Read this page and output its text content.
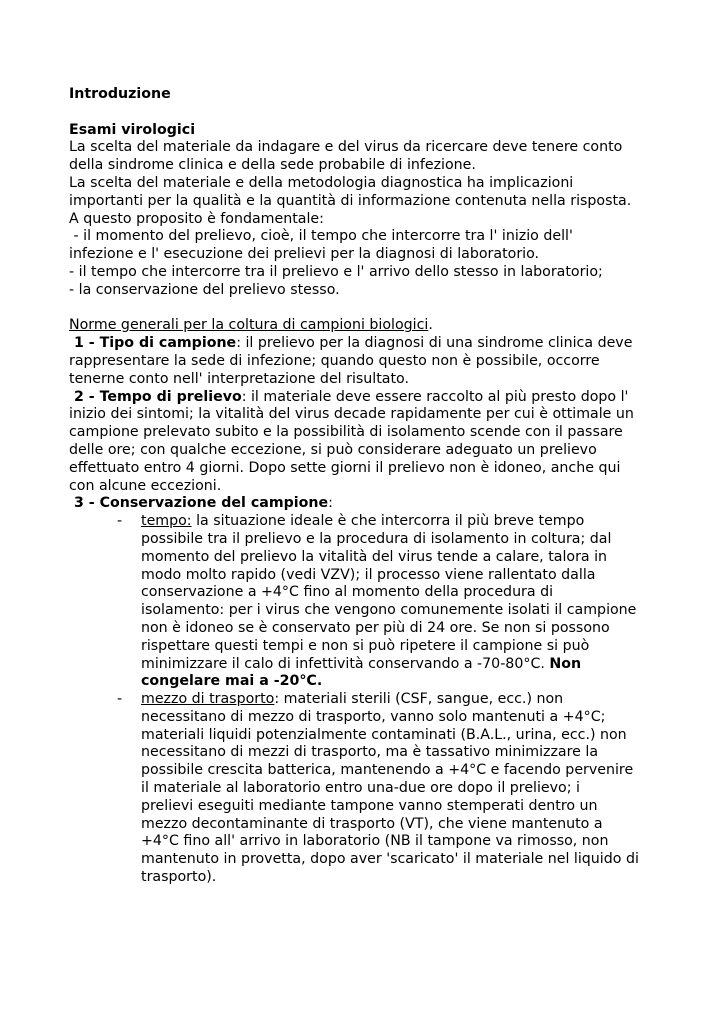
Introduzione
Esami virologici
La scelta del materiale da indagare e del virus da ricercare deve tenere conto
della sindrome clinica e della sede probabile di infezione.
La scelta del materiale e della metodologia diagnostica ha implicazioni
importanti per la qualità e la quantità di informazione contenuta nella risposta.
A questo proposito è fondamentale:
- il momento del prelievo, cioè, il tempo che intercorre tra l' inizio dell'
infezione e l' esecuzione dei prelievi per la diagnosi di laboratorio.
- il tempo che intercorre tra il prelievo e l' arrivo dello stesso in laboratorio;
- la conservazione del prelievo stesso.
Norme generali per la coltura di campioni biologici.
1 - Tipo di campione: il prelievo per la diagnosi di una sindrome clinica deve
rappresentare la sede di infezione; quando questo non è possibile, occorre
tenerne conto nell' interpretazione del risultato.
2 - Tempo di prelievo: il materiale deve essere raccolto al più presto dopo l'
inizio dei sintomi; la vitalità del virus decade rapidamente per cui è ottimale un
campione prelevato subito e la possibilità di isolamento scende con il passare
delle ore; con qualche eccezione, si può considerare adeguato un prelievo
effettuato entro 4 giorni. Dopo sette giorni il prelievo non è idoneo, anche qui
con alcune eccezioni.
3 - Conservazione del campione:
- tempo: la situazione ideale è che intercorra il più breve tempo
possibile tra il prelievo e la procedura di isolamento in coltura; dal
momento del prelievo la vitalità del virus tende a calare, talora in
modo molto rapido (vedi VZV); il processo viene rallentato dalla
conservazione a +4°C fino al momento della procedura di
isolamento: per i virus che vengono comunemente isolati il campione
non è idoneo se è conservato per più di 24 ore. Se non si possono
rispettare questi tempi e non si può ripetere il campione si può
minimizzare il calo di infettività conservando a -70-80°C. Non
congelare mai a -20°C.
- mezzo di trasporto: materiali sterili (CSF, sangue, ecc.) non
necessitano di mezzo di trasporto, vanno solo mantenuti a +4°C;
materiali liquidi potenzialmente contaminati (B.A.L., urina, ecc.) non
necessitano di mezzi di trasporto, ma è tassativo minimizzare la
possibile crescita batterica, mantenendo a +4°C e facendo pervenire
il materiale al laboratorio entro una-due ore dopo il prelievo; i
prelievi eseguiti mediante tampone vanno stemperati dentro un
mezzo decontaminante di trasporto (VT), che viene mantenuto a
+4°C fino all' arrivo in laboratorio (NB il tampone va rimosso, non
mantenuto in provetta, dopo aver 'scaricato' il materiale nel liquido di
trasporto).
